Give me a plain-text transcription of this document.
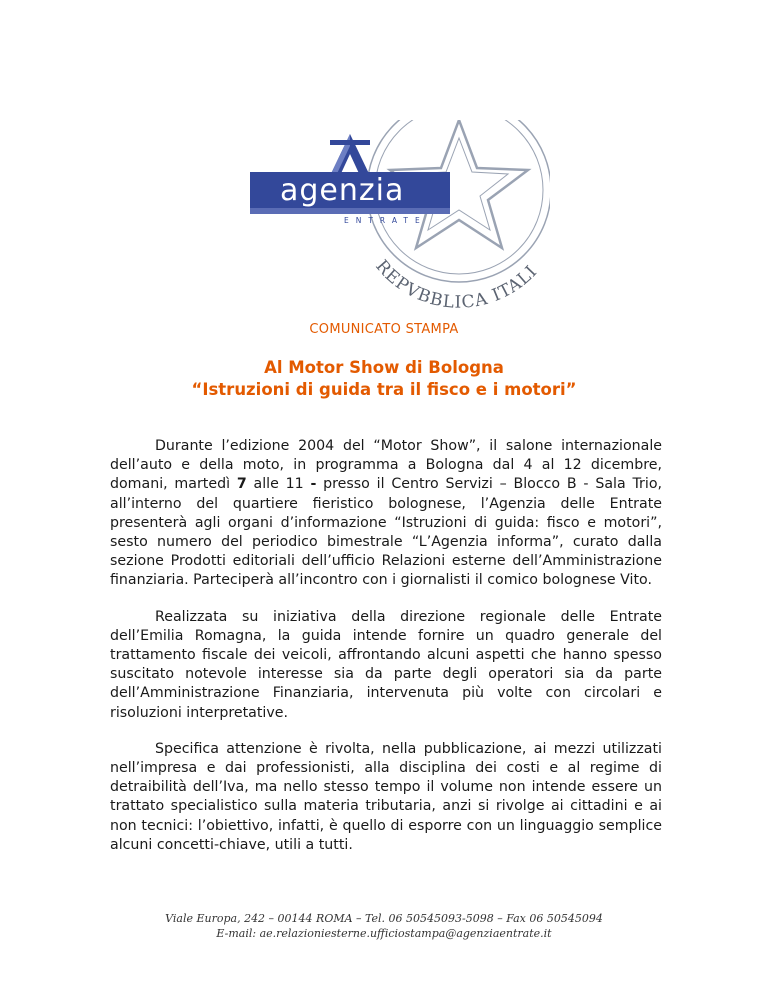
REPVBBLICA ITALI
agenzia
ENTRATE
COMUNICATO STAMPA
Al Motor Show di Bologna
“Istruzioni di guida tra il fisco e i motori”

Durante l’edizione 2004 del “Motor Show”, il salone internazionale dell’auto e della moto, in programma a Bologna dal 4 al 12 dicembre, domani, martedì 7 alle 11 - presso il Centro Servizi – Blocco B - Sala Trio, all’interno del quartiere fieristico bolognese, l’Agenzia delle Entrate presenterà agli organi d’informazione “Istruzioni di guida: fisco e motori”, sesto numero del periodico bimestrale “L’Agenzia informa”, curato dalla sezione Prodotti editoriali dell’ufficio Relazioni esterne dell’Amministrazione finanziaria. Parteciperà all’incontro con i giornalisti il comico bolognese Vito.

Realizzata su iniziativa della direzione regionale delle Entrate dell’Emilia Romagna, la guida intende fornire un quadro generale del trattamento fiscale dei veicoli, affrontando alcuni aspetti che hanno spesso suscitato notevole interesse sia da parte degli operatori sia da parte dell’Amministrazione Finanziaria, intervenuta più volte con circolari e risoluzioni interpretative.

Specifica attenzione è rivolta, nella pubblicazione, ai mezzi utilizzati nell’impresa e dai professionisti, alla disciplina dei costi e al regime di detraibilità dell’Iva, ma nello stesso tempo il volume non intende essere un trattato specialistico sulla materia tributaria, anzi si rivolge ai cittadini e ai non tecnici: l’obiettivo, infatti, è quello di esporre con un linguaggio semplice alcuni concetti-chiave, utili a tutti.

Viale Europa, 242 – 00144 ROMA – Tel. 06 50545093-5098 – Fax 06 50545094
E-mail: ae.relazioniesterne.ufficiostampa@agenziaentrate.it
